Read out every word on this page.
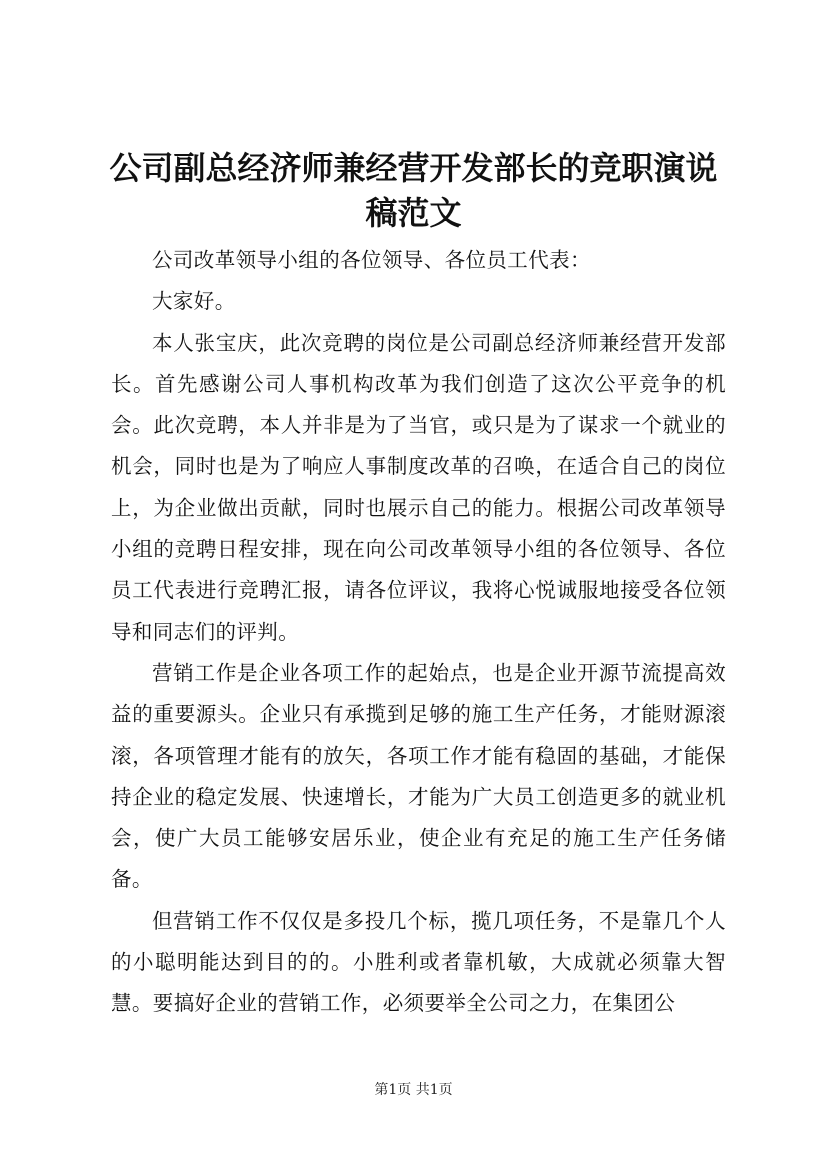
公司副总经济师兼经营开发部长的竞职演说稿范文

公司改革领导小组的各位领导、各位员工代表：

大家好。

本人张宝庆，此次竞聘的岗位是公司副总经济师兼经营开发部长。首先感谢公司人事机构改革为我们创造了这次公平竞争的机会。此次竞聘，本人并非是为了当官，或只是为了谋求一个就业的机会，同时也是为了响应人事制度改革的召唤，在适合自己的岗位上，为企业做出贡献，同时也展示自己的能力。根据公司改革领导小组的竞聘日程安排，现在向公司改革领导小组的各位领导、各位员工代表进行竞聘汇报，请各位评议，我将心悦诚服地接受各位领导和同志们的评判。

营销工作是企业各项工作的起始点，也是企业开源节流提高效益的重要源头。企业只有承揽到足够的施工生产任务，才能财源滚滚，各项管理才能有的放矢，各项工作才能有稳固的基础，才能保持企业的稳定发展、快速增长，才能为广大员工创造更多的就业机会，使广大员工能够安居乐业，使企业有充足的施工生产任务储备。

但营销工作不仅仅是多投几个标，揽几项任务，不是靠几个人的小聪明能达到目的的。小胜利或者靠机敏，大成就必须靠大智慧。要搞好企业的营销工作，必须要举全公司之力，在集团公

第1页 共1页
